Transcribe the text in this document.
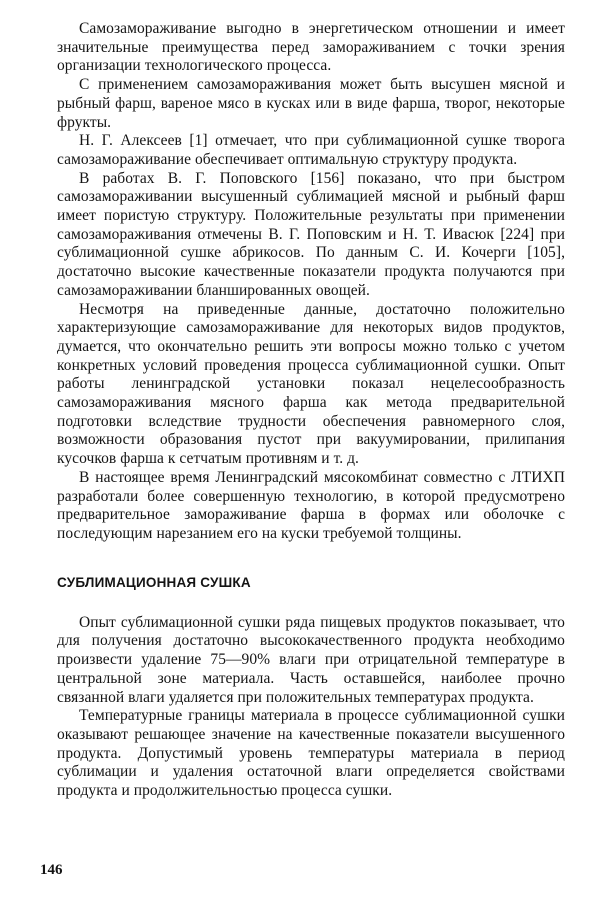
Самозамораживание выгодно в энергетическом отношении и имеет значительные преимущества перед замораживанием с точки зрения организации технологического процесса.

С применением самозамораживания может быть высушен мясной и рыбный фарш, вареное мясо в кусках или в виде фарша, творог, некоторые фрукты.

Н. Г. Алексеев [1] отмечает, что при сублимационной сушке творога самозамораживание обеспечивает оптимальную структуру продукта.

В работах В. Г. Поповского [156] показано, что при быстром самозамораживании высушенный сублимацией мясной и рыбный фарш имеет пористую структуру. Положительные результаты при применении самозамораживания отмечены В. Г. Поповским и Н. Т. Ивасюк [224] при сублимационной сушке абрикосов. По данным С. И. Кочерги [105], достаточно высокие качественные показатели продукта получаются при самозамораживании бланшированных овощей.

Несмотря на приведенные данные, достаточно положительно характеризующие самозамораживание для некоторых видов продуктов, думается, что окончательно решить эти вопросы можно только с учетом конкретных условий проведения процесса сублимационной сушки. Опыт работы ленинградской установки показал нецелесообразность самозамораживания мясного фарша как метода предварительной подготовки вследствие трудности обеспечения равномерного слоя, возможности образования пустот при вакуумировании, прилипания кусочков фарша к сетчатым противням и т. д.

В настоящее время Ленинградский мясокомбинат совместно с ЛТИХП разработали более совершенную технологию, в которой предусмотрено предварительное замораживание фарша в формах или оболочке с последующим нарезанием его на куски требуемой толщины.

СУБЛИМАЦИОННАЯ СУШКА

Опыт сублимационной сушки ряда пищевых продуктов показывает, что для получения достаточно высококачественного продукта необходимо произвести удаление 75—90% влаги при отрицательной температуре в центральной зоне материала. Часть оставшейся, наиболее прочно связанной влаги удаляется при положительных температурах продукта.

Температурные границы материала в процессе сублимационной сушки оказывают решающее значение на качественные показатели высушенного продукта. Допустимый уровень температуры материала в период сублимации и удаления остаточной влаги определяется свойствами продукта и продолжительностью процесса сушки.

146
